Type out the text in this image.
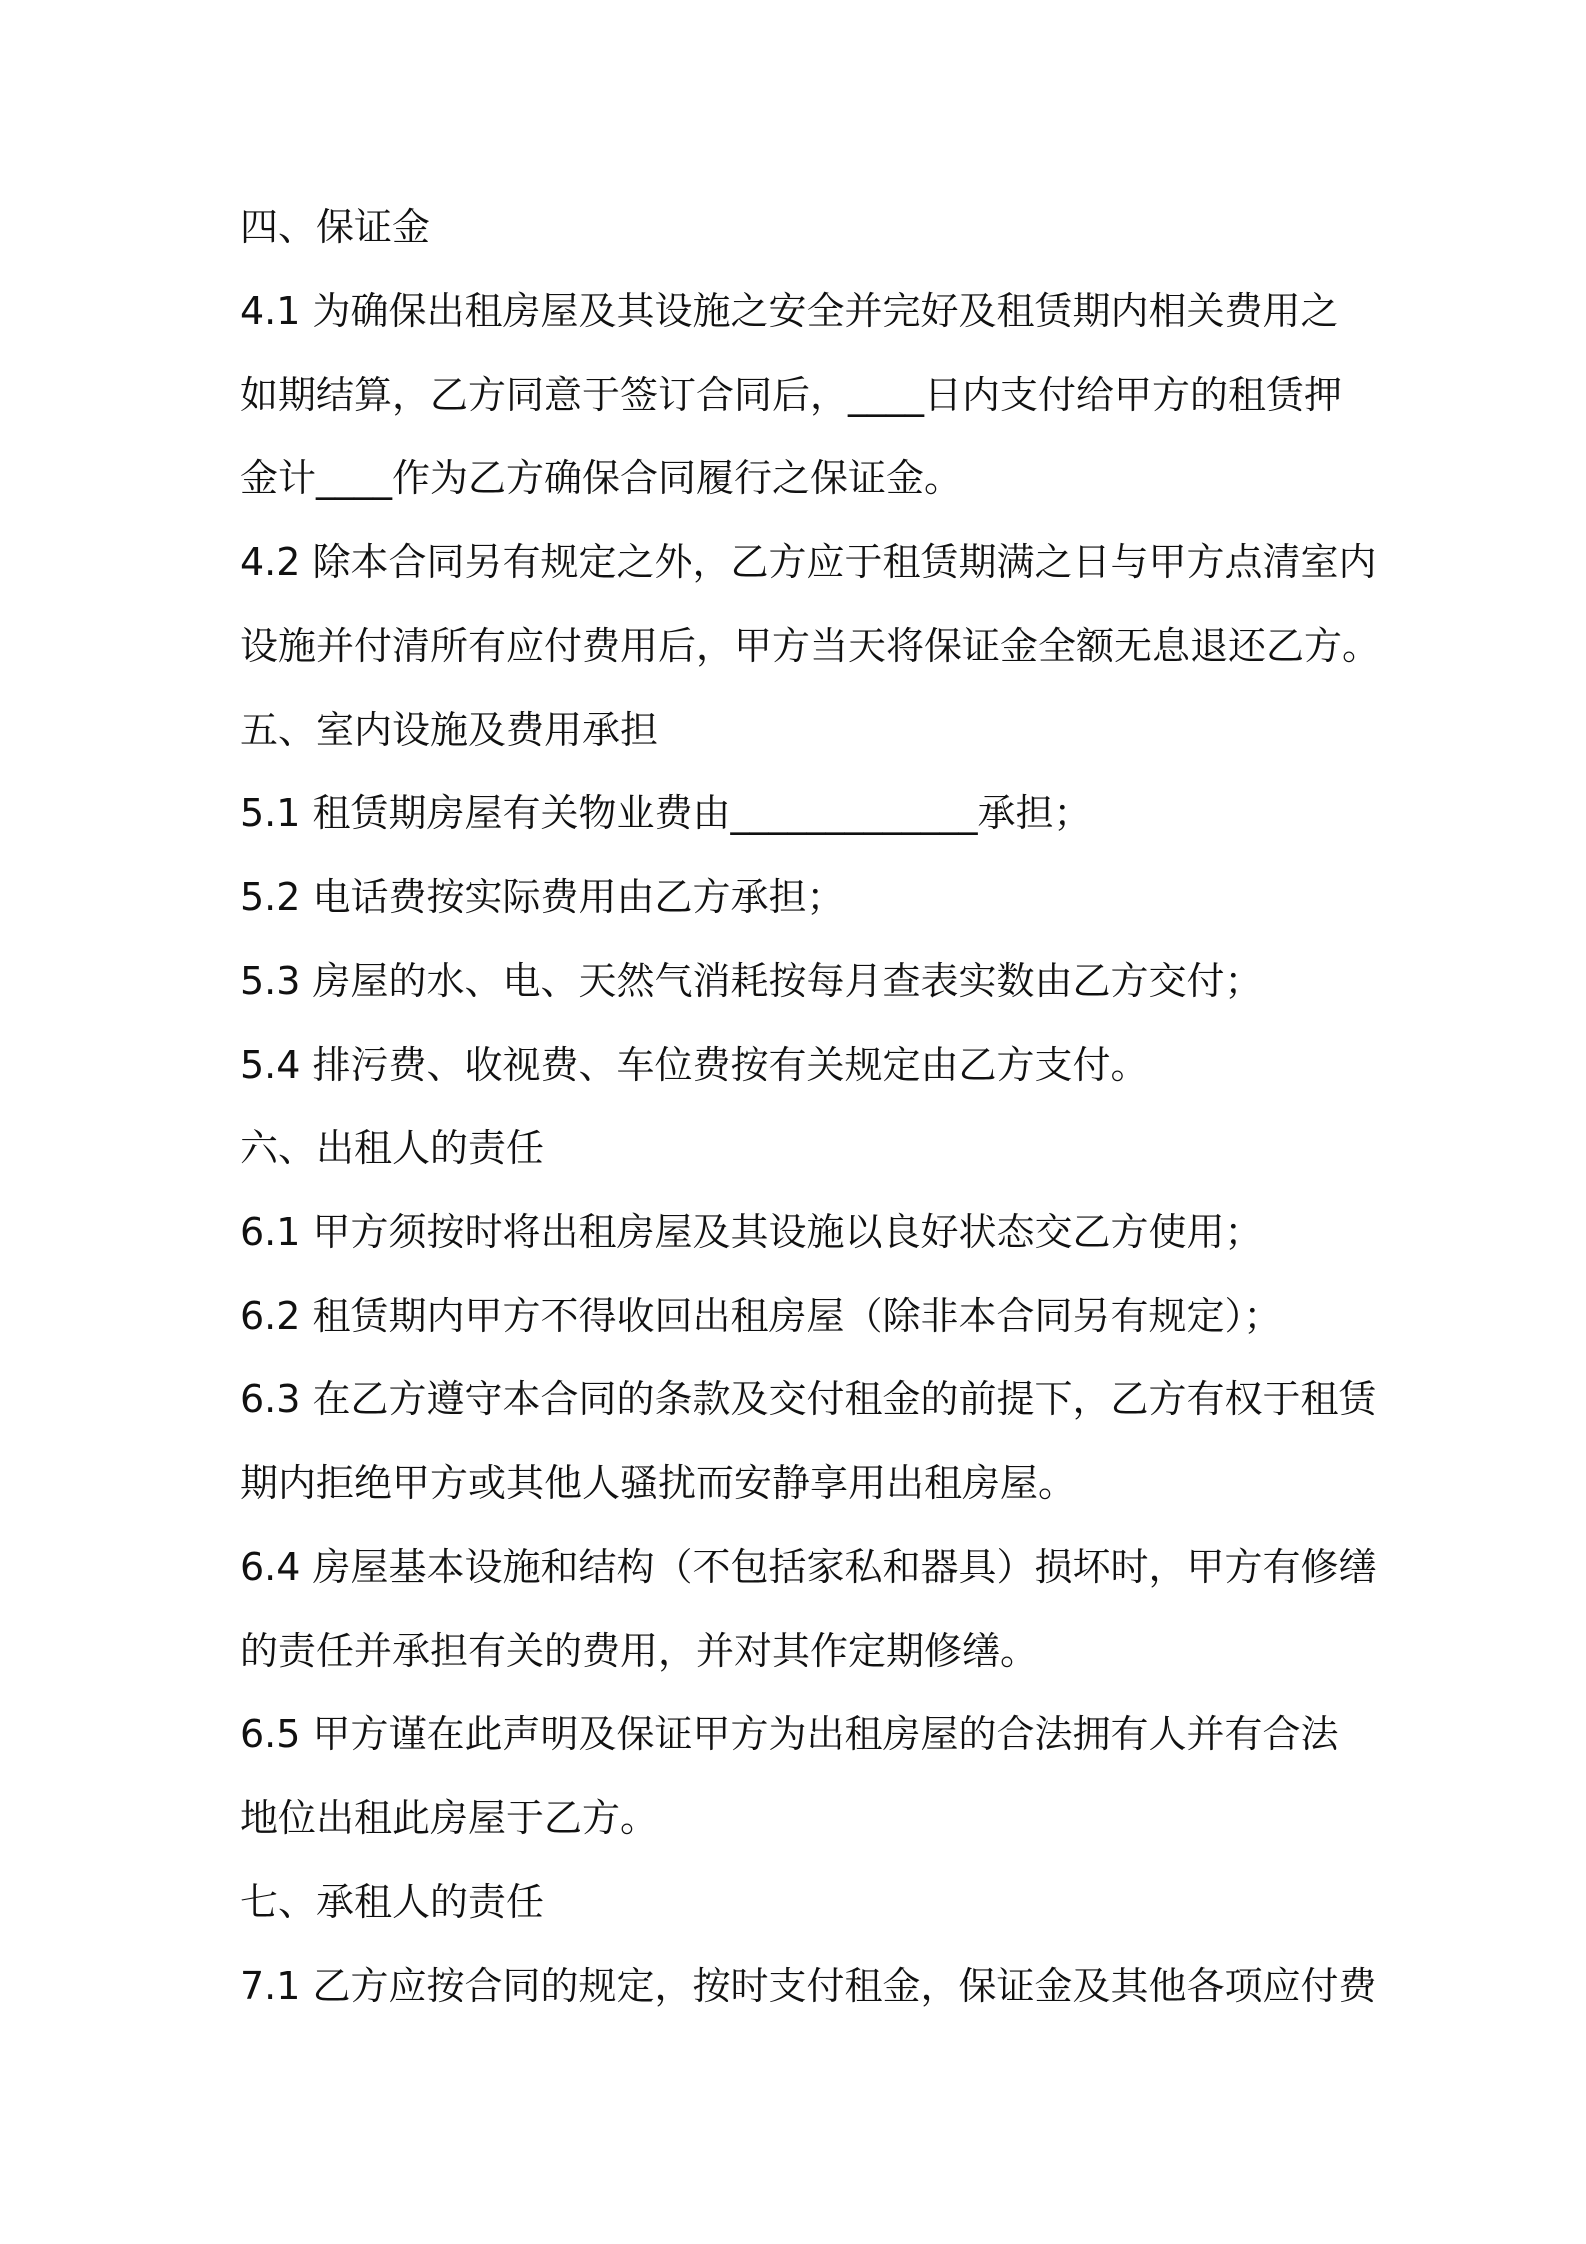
四、保证金
4.1 为确保出租房屋及其设施之安全并完好及租赁期内相关费用之
如期结算，乙方同意于签订合同后，____日内支付给甲方的租赁押
金计____作为乙方确保合同履行之保证金。
4.2 除本合同另有规定之外，乙方应于租赁期满之日与甲方点清室内
设施并付清所有应付费用后，甲方当天将保证金全额无息退还乙方。
五、室内设施及费用承担
5.1 租赁期房屋有关物业费由_____________承担；
5.2 电话费按实际费用由乙方承担；
5.3 房屋的水、电、天然气消耗按每月查表实数由乙方交付；
5.4 排污费、收视费、车位费按有关规定由乙方支付。
六、出租人的责任
6.1 甲方须按时将出租房屋及其设施以良好状态交乙方使用；
6.2 租赁期内甲方不得收回出租房屋（除非本合同另有规定）；
6.3 在乙方遵守本合同的条款及交付租金的前提下，乙方有权于租赁
期内拒绝甲方或其他人骚扰而安静享用出租房屋。
6.4 房屋基本设施和结构（不包括家私和器具）损坏时，甲方有修缮
的责任并承担有关的费用，并对其作定期修缮。
6.5 甲方谨在此声明及保证甲方为出租房屋的合法拥有人并有合法
地位出租此房屋于乙方。
七、承租人的责任
7.1 乙方应按合同的规定，按时支付租金，保证金及其他各项应付费
